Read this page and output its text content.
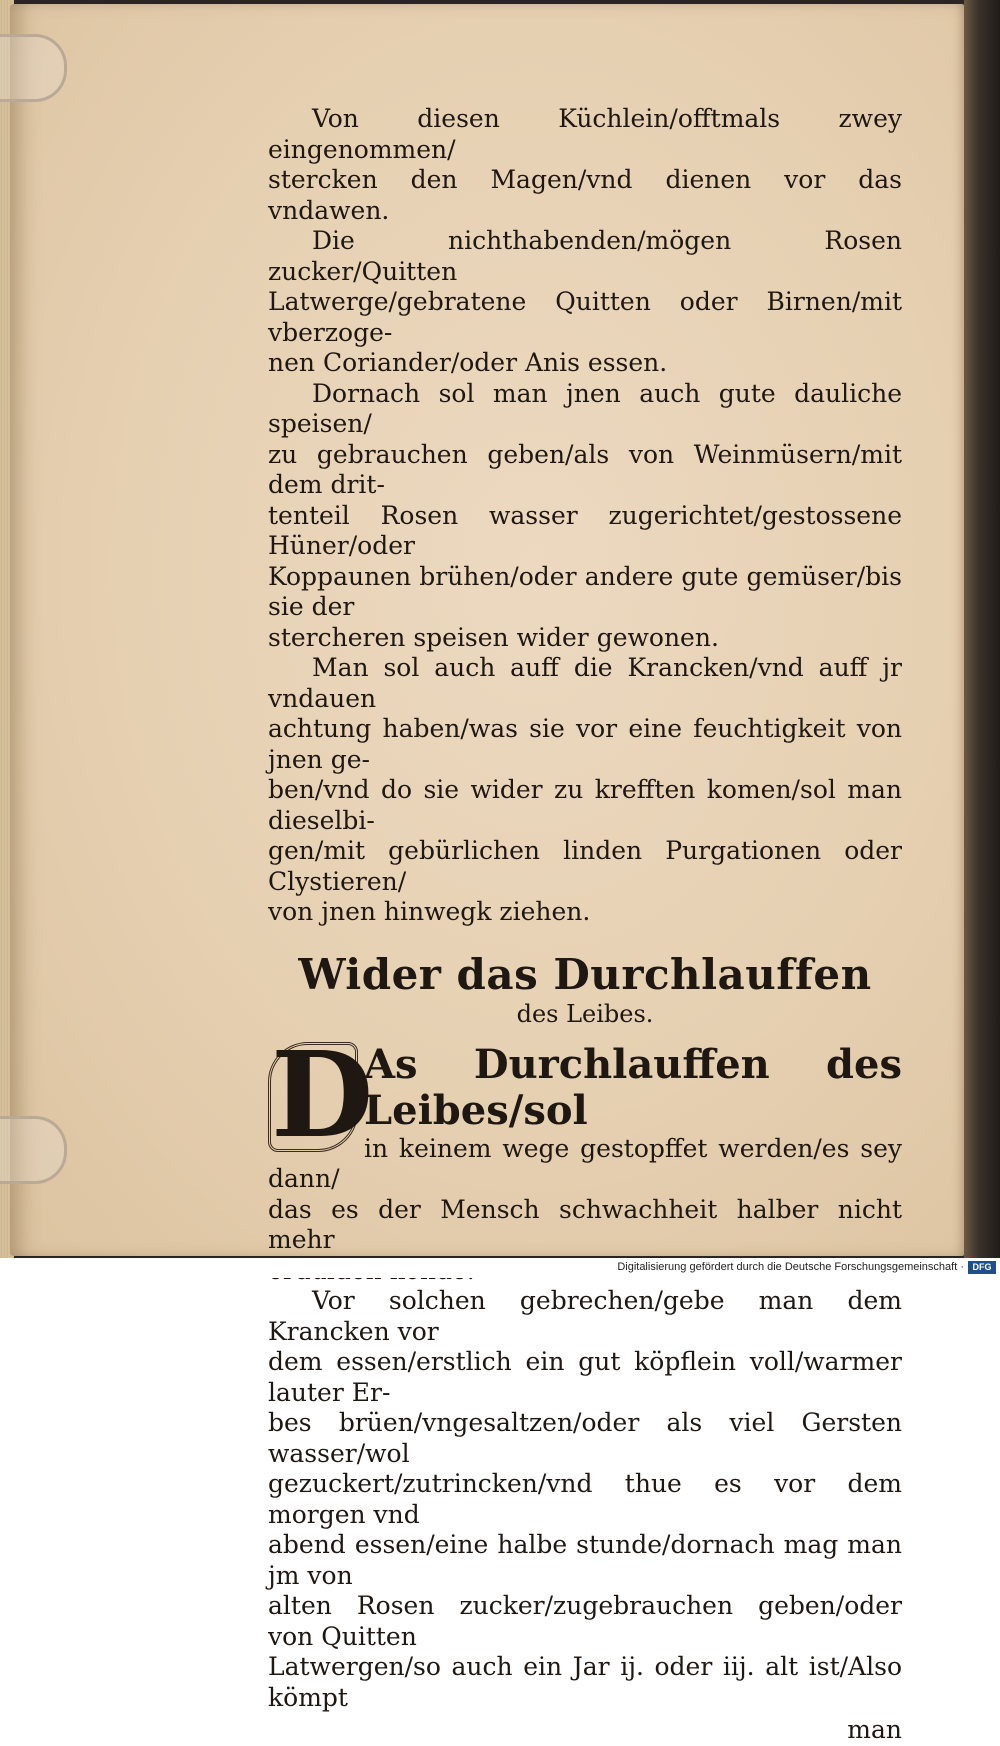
Von diesen Küchlein/offtmals zwey eingenommen/
stercken den Magen/vnd dienen vor das vndawen.

Die nichthabenden/mögen Rosen zucker/Quitten
Latwerge/gebratene Quitten oder Birnen/mit vberzoge-
nen Coriander/oder Anis essen.

Dornach sol man jnen auch gute dauliche speisen/
zu gebrauchen geben/als von Weinmüsern/mit dem drit-
tenteil Rosen wasser zugerichtet/gestossene Hüner/oder
Koppaunen brühen/oder andere gute gemüser/bis sie der
stercheren speisen wider gewonen.

Man sol auch auff die Krancken/vnd auff jr vndauen
achtung haben/was sie vor eine feuchtigkeit von jnen ge-
ben/vnd do sie wider zu krefften komen/sol man dieselbi-
gen/mit gebürlichen linden Purgationen oder Clystieren/
von jnen hinwegk ziehen.

Wider das Durchlauffen
des Leibes.

D
As Durchlauffen des Leibes/sol
in keinem wege gestopffet werden/es sey dann/
das es der Mensch schwachheit halber nicht mehr

Vor solchen gebrechen/gebe man dem Krancken vor
dem essen/erstlich ein gut köpflein voll/warmer lauter Er-
bes brüen/vngesaltzen/oder als viel Gersten wasser/wol
gezuckert/zutrincken/vnd thue es vor dem morgen vnd
abend essen/eine halbe stunde/dornach mag man jm von
alten Rosen zucker/zugebrauchen geben/oder von Quitten
Latwergen/so auch ein Jar ij. oder iij. alt ist/Also kömpt

man
Digitalisierung gefördert durch die Deutsche Forschungsgemeinschaft · DFG
